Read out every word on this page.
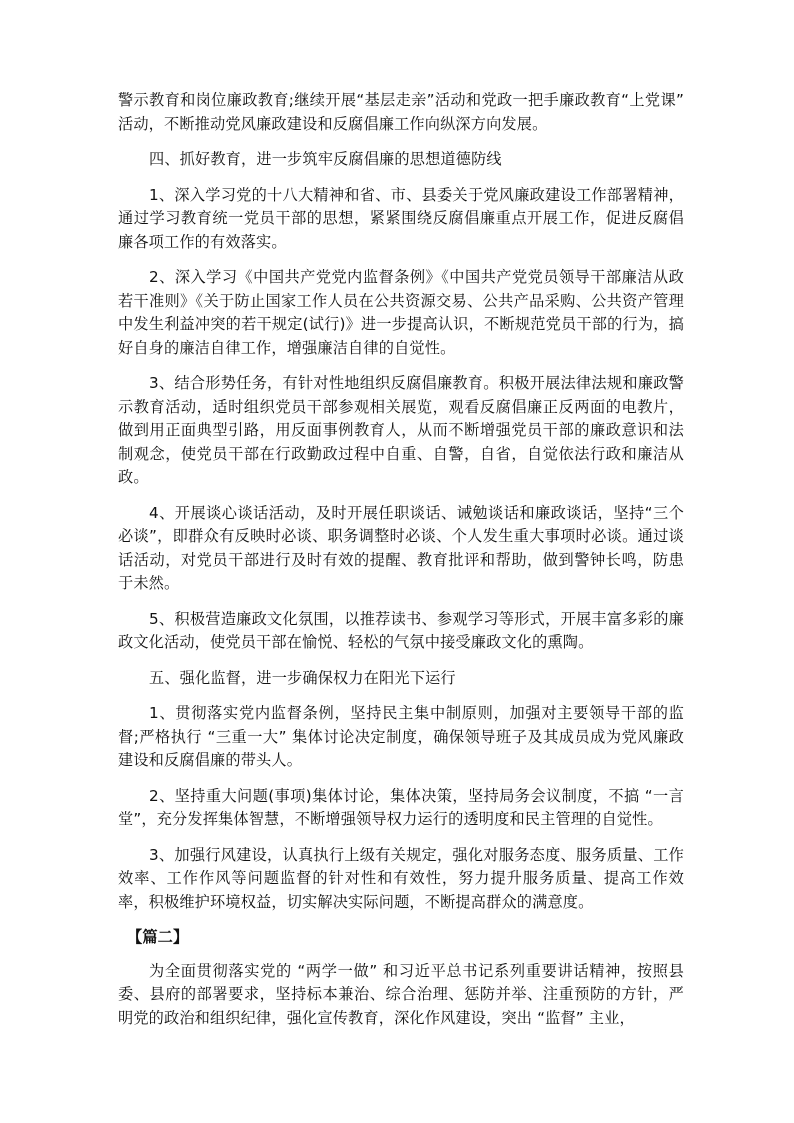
警示教育和岗位廉政教育;继续开展“基层走亲”活动和党政一把手廉政教育“上党课” 活动，不断推动党风廉政建设和反腐倡廉工作向纵深方向发展。

四、抓好教育，进一步筑牢反腐倡廉的思想道德防线

1、深入学习党的十八大精神和省、市、县委关于党风廉政建设工作部署精神，通过学习教育统一党员干部的思想，紧紧围绕反腐倡廉重点开展工作，促进反腐倡廉各项工作的有效落实。

2、深入学习《中国共产党党内监督条例》《中国共产党党员领导干部廉洁从政若干准则》《关于防止国家工作人员在公共资源交易、公共产品采购、公共资产管理中发生利益冲突的若干规定(试行)》进一步提高认识，不断规范党员干部的行为，搞好自身的廉洁自律工作，增强廉洁自律的自觉性。

3、结合形势任务，有针对性地组织反腐倡廉教育。积极开展法律法规和廉政警示教育活动，适时组织党员干部参观相关展览，观看反腐倡廉正反两面的电教片，做到用正面典型引路，用反面事例教育人，从而不断增强党员干部的廉政意识和法制观念，使党员干部在行政勤政过程中自重、自警，自省，自觉依法行政和廉洁从政。

4、开展谈心谈话活动，及时开展任职谈话、诫勉谈话和廉政谈话，坚持“三个必谈”，即群众有反映时必谈、职务调整时必谈、个人发生重大事项时必谈。通过谈话活动，对党员干部进行及时有效的提醒、教育批评和帮助，做到警钟长鸣，防患于未然。

5、积极营造廉政文化氛围，以推荐读书、参观学习等形式，开展丰富多彩的廉政文化活动，使党员干部在愉悦、轻松的气氛中接受廉政文化的熏陶。

五、强化监督，进一步确保权力在阳光下运行

1、贯彻落实党内监督条例，坚持民主集中制原则，加强对主要领导干部的监督;严格执行 “三重一大” 集体讨论决定制度，确保领导班子及其成员成为党风廉政建设和反腐倡廉的带头人。

2、坚持重大问题(事项)集体讨论，集体决策，坚持局务会议制度，不搞 “一言堂”，充分发挥集体智慧，不断增强领导权力运行的透明度和民主管理的自觉性。

3、加强行风建设，认真执行上级有关规定，强化对服务态度、服务质量、工作效率、工作作风等问题监督的针对性和有效性，努力提升服务质量、提高工作效率，积极维护环境权益，切实解决实际问题，不断提高群众的满意度。

【篇二】

为全面贯彻落实党的 “两学一做” 和习近平总书记系列重要讲话精神，按照县委、县府的部署要求，坚持标本兼治、综合治理、惩防并举、注重预防的方针，严明党的政治和组织纪律，强化宣传教育，深化作风建设，突出 “监督” 主业，
